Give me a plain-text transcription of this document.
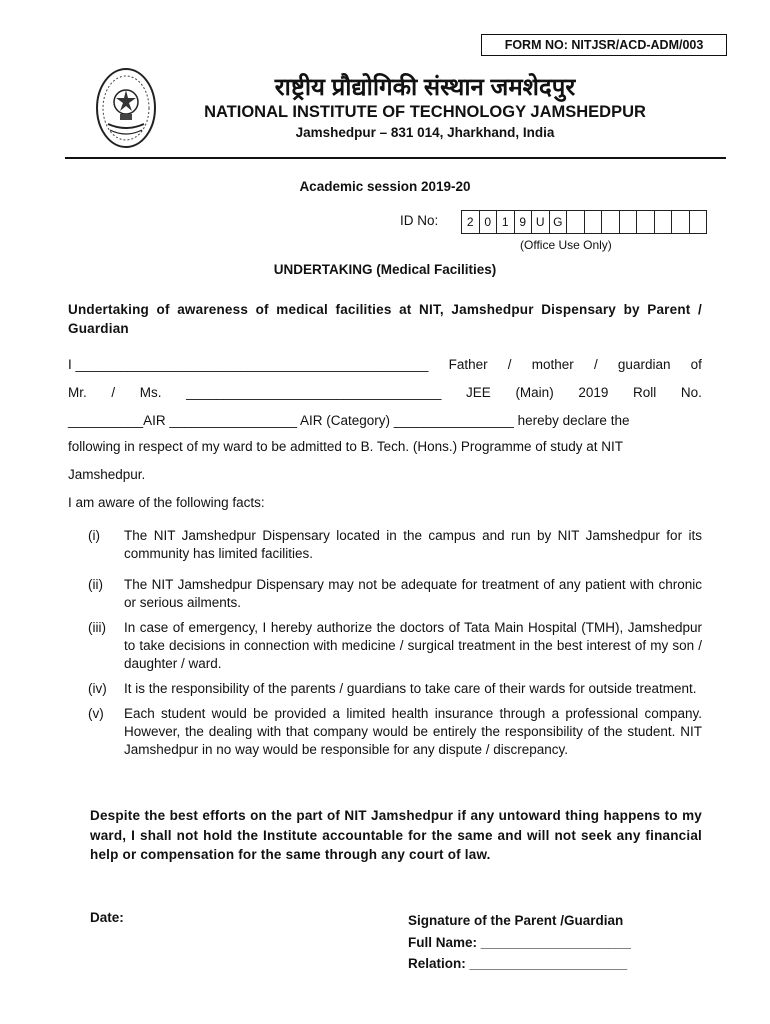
FORM NO: NITJSR/ACD-ADM/003
राष्ट्रीय प्रौद्योगिकी संस्थान जमशेदपुर
NATIONAL INSTITUTE OF TECHNOLOGY JAMSHEDPUR
Jamshedpur – 831 014, Jharkhand, India
Academic session 2019-20
ID No:	2 0 1 9 U G
(Office Use Only)
UNDERTAKING (Medical Facilities)
Undertaking of awareness of medical facilities at NIT, Jamshedpur Dispensary by Parent / Guardian
I _______________________________________________ Father / mother / guardian of
Mr. / Ms. __________________________________ JEE (Main) 2019 Roll No.
__________AIR _________________ AIR (Category) ________________ hereby declare the
following in respect of my ward to be admitted to B. Tech. (Hons.) Programme of study at NIT
Jamshedpur.
I am aware of the following facts:
(i)	The NIT Jamshedpur Dispensary located in the campus and run by NIT Jamshedpur for its community has limited facilities.
(ii)	The NIT Jamshedpur Dispensary may not be adequate for treatment of any patient with chronic or serious ailments.
(iii)	In case of emergency, I hereby authorize the doctors of Tata Main Hospital (TMH), Jamshedpur to take decisions in connection with medicine / surgical treatment in the best interest of my son / daughter / ward.
(iv)	It is the responsibility of the parents / guardians to take care of their wards for outside treatment.
(v)	Each student would be provided a limited health insurance through a professional company. However, the dealing with that company would be entirely the responsibility of the student. NIT Jamshedpur in no way would be responsible for any dispute / discrepancy.
Despite the best efforts on the part of NIT Jamshedpur if any untoward thing happens to my ward, I shall not hold the Institute accountable for the same and will not seek any financial help or compensation for the same through any court of law.
Date:	Signature of the Parent /Guardian
Full Name: ____________________
Relation: _____________________
